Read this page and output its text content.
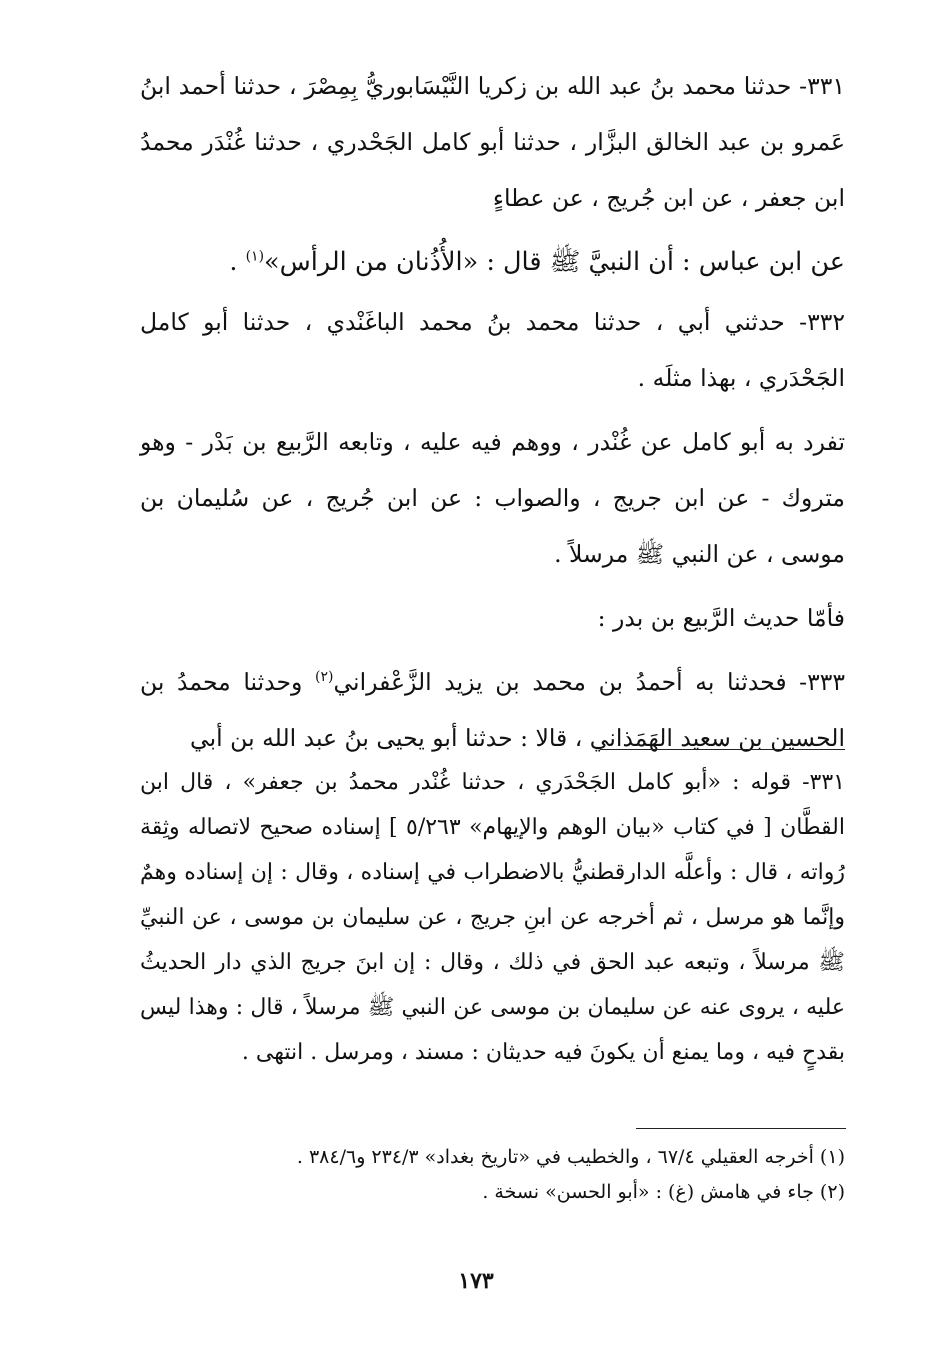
٣٣١- حدثنا محمد بنُ عبد الله بن زكريا النَّيْسَابوريُّ بِمِصْرَ ، حدثنا أحمد ابنُ عَمرو بن عبد الخالق البزَّار ، حدثنا أبو كامل الجَحْدري ، حدثنا غُنْدَر محمدُ ابن جعفر ، عن ابن جُريج ، عن عطاءٍ

عن ابن عباس : أن النبيَّ ﷺ قال : «الأُذُنان من الرأس»$^{(١)}$ .

٣٣٢- حدثني أبي ، حدثنا محمد بنُ محمد الباغَنْدي ، حدثنا أبو كامل الجَحْدَري ، بهذا مثلَه .

تفرد به أبو كامل عن غُنْدر ، ووهم فيه عليه ، وتابعه الرَّبيع بن بَدْر - وهو متروك - عن ابن جريج ، والصواب : عن ابن جُريج ، عن سُليمان بن موسى ، عن النبي ﷺ مرسلاً .

فأمّا حديث الرَّبيع بن بدر :

٣٣٣- فحدثنا به أحمدُ بن محمد بن يزيد الزَّعْفراني$^{(٢)}$ وحدثنا محمدُ بن الحسين بن سعيد الهَمَذاني ، قالا : حدثنا أبو يحيى بنُ عبد الله بن أبي

٣٣١- قوله : «أبو كامل الجَحْدَري ، حدثنا غُنْدر محمدُ بن جعفر» ، قال ابن القطَّان [ في كتاب «بيان الوهم والإيهام» ٥/٢٦٣ ] إسناده صحيح لاتصاله وثِقة رُواته ، قال : وأعلَّه الدارقطنيُّ بالاضطراب في إسناده ، وقال : إن إسناده وهمٌ وإنَّما هو مرسل ، ثم أخرجه عن ابنِ جريج ، عن سليمان بن موسى ، عن النبيِّ ﷺ مرسلاً ، وتبعه عبد الحق في ذلك ، وقال : إن ابنَ جريج الذي دار الحديثُ عليه ، يروى عنه عن سليمان بن موسى عن النبي ﷺ مرسلاً ، قال : وهذا ليس بقدحٍ فيه ، وما يمنع أن يكونَ فيه حديثان : مسند ، ومرسل . انتهى .

(١) أخرجه العقيلي ٦٧/٤ ، والخطيب في «تاريخ بغداد» ٢٣٤/٣ و٣٨٤/٦ .

(٢) جاء في هامش (غ) : «أبو الحسن» نسخة .

١٧٣
